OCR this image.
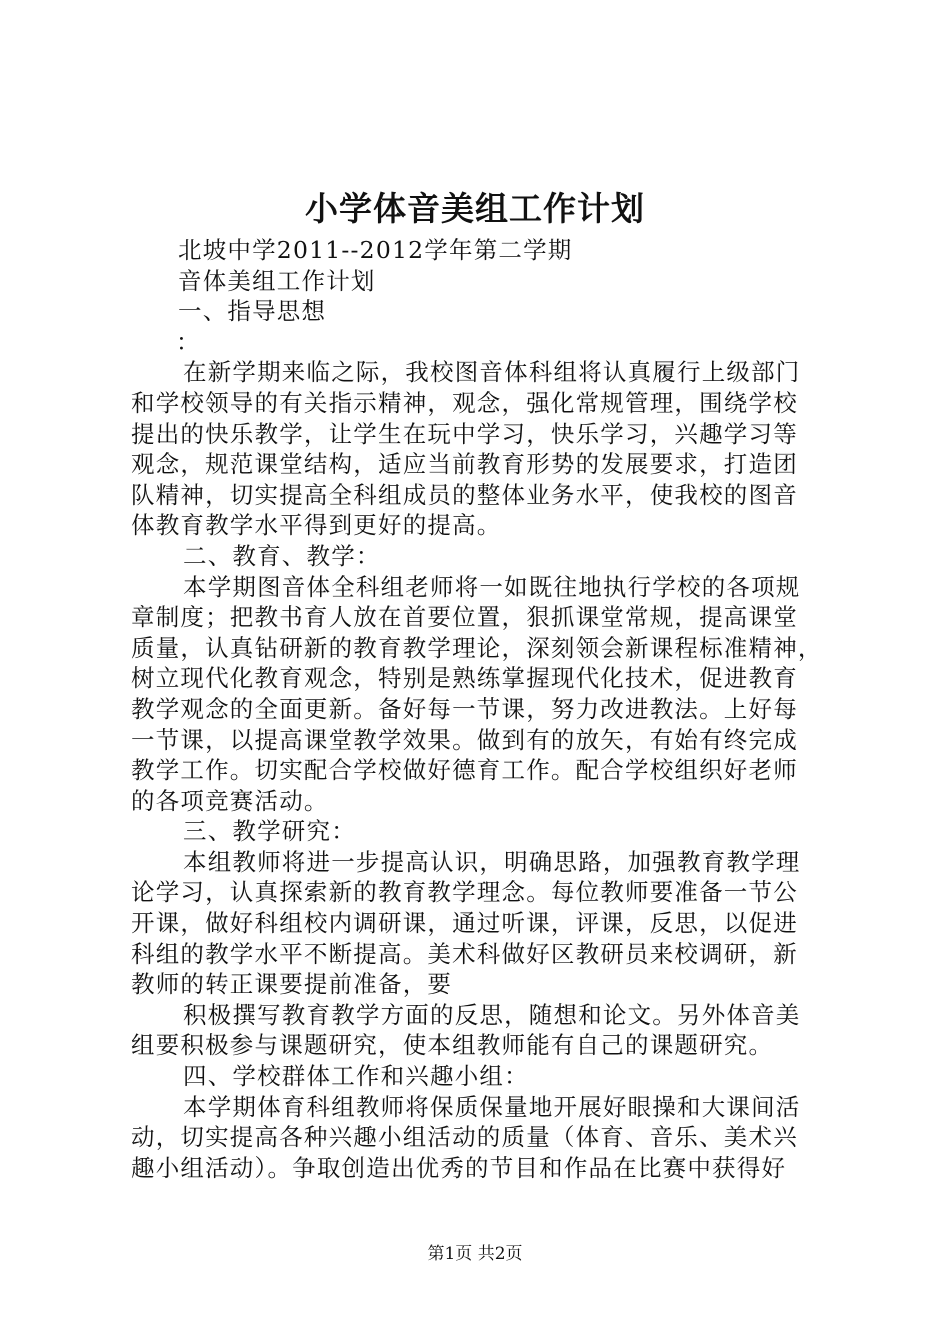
小学体音美组工作计划
北坡中学2011--2012学年第二学期
音体美组工作计划
一、指导思想
：
在新学期来临之际，我校图音体科组将认真履行上级部门
和学校领导的有关指示精神，观念，强化常规管理，围绕学校
提出的快乐教学，让学生在玩中学习，快乐学习，兴趣学习等
观念，规范课堂结构，适应当前教育形势的发展要求，打造团
队精神，切实提高全科组成员的整体业务水平，使我校的图音
体教育教学水平得到更好的提高。
二、教育、教学：
本学期图音体全科组老师将一如既往地执行学校的各项规
章制度；把教书育人放在首要位置，狠抓课堂常规，提高课堂
质量，认真钻研新的教育教学理论，深刻领会新课程标准精神，
树立现代化教育观念，特别是熟练掌握现代化技术，促进教育
教学观念的全面更新。备好每一节课，努力改进教法。上好每
一节课，以提高课堂教学效果。做到有的放矢，有始有终完成
教学工作。切实配合学校做好德育工作。配合学校组织好老师
的各项竞赛活动。
三、教学研究：
本组教师将进一步提高认识，明确思路，加强教育教学理
论学习，认真探索新的教育教学理念。每位教师要准备一节公
开课，做好科组校内调研课，通过听课，评课，反思，以促进
科组的教学水平不断提高。美术科做好区教研员来校调研，新
教师的转正课要提前准备，要
积极撰写教育教学方面的反思，随想和论文。另外体音美
组要积极参与课题研究，使本组教师能有自己的课题研究。
四、学校群体工作和兴趣小组：
本学期体育科组教师将保质保量地开展好眼操和大课间活
动，切实提高各种兴趣小组活动的质量（体育、音乐、美术兴
趣小组活动）。争取创造出优秀的节目和作品在比赛中获得好
第1页 共2页
